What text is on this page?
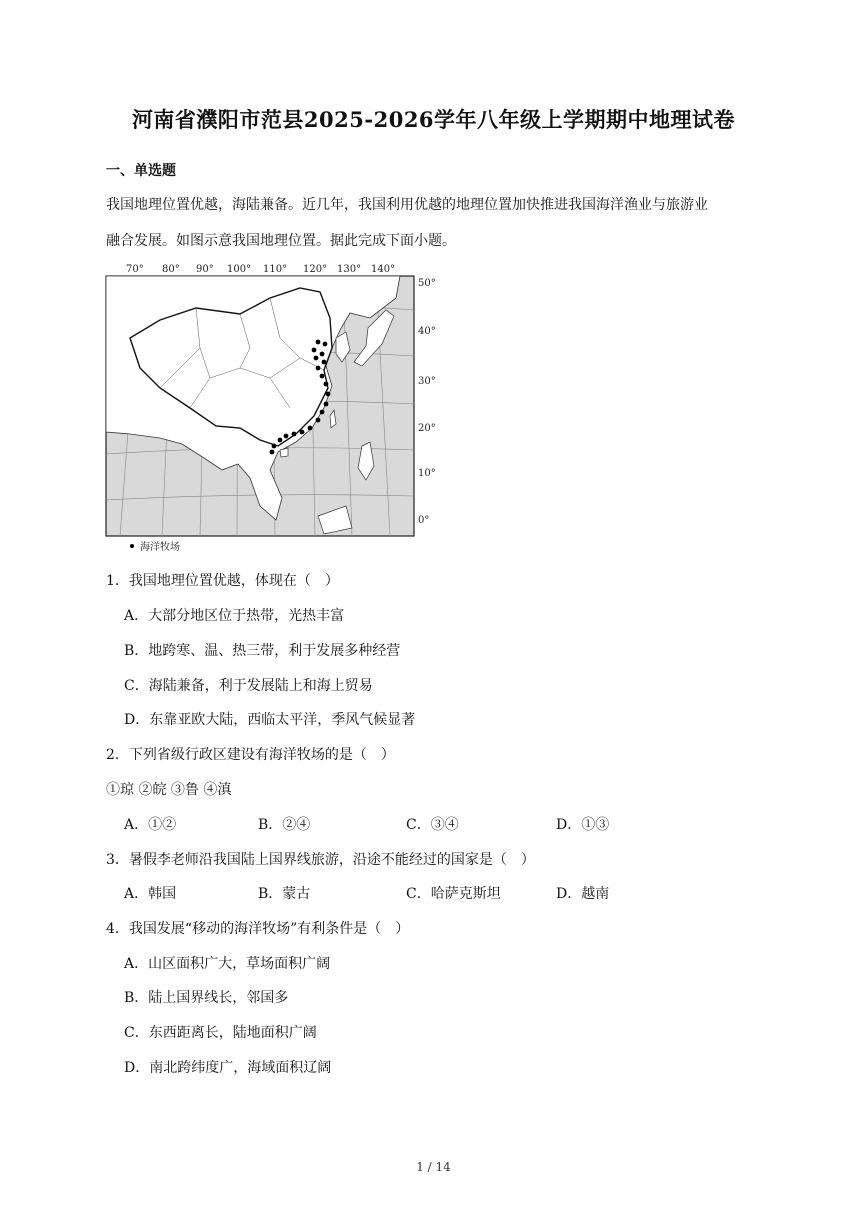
河南省濮阳市范县2025-2026学年八年级上学期期中地理试卷
一、单选题
我国地理位置优越，海陆兼备。近几年，我国利用优越的地理位置加快推进我国海洋渔业与旅游业
融合发展。如图示意我国地理位置。据此完成下面小题。
70° 80° 90° 100° 110° 120° 130° 140°
50°
40°
30°
20°
10°
0°
海洋牧场
1．我国地理位置优越，体现在（　）
A．大部分地区位于热带，光热丰富
B．地跨寒、温、热三带，利于发展多种经营
C．海陆兼备，利于发展陆上和海上贸易
D．东靠亚欧大陆，西临太平洋，季风气候显著
2．下列省级行政区建设有海洋牧场的是（　）
①琼 ②皖 ③鲁 ④滇
A．①②	B．②④	C．③④	D．①③
3．暑假李老师沿我国陆上国界线旅游，沿途不能经过的国家是（　）
A．韩国	B．蒙古	C．哈萨克斯坦	D．越南
4．我国发展“移动的海洋牧场”有利条件是（　）
A．山区面积广大，草场面积广阔
B．陆上国界线长，邻国多
C．东西距离长，陆地面积广阔
D．南北跨纬度广，海域面积辽阔
1 / 14
